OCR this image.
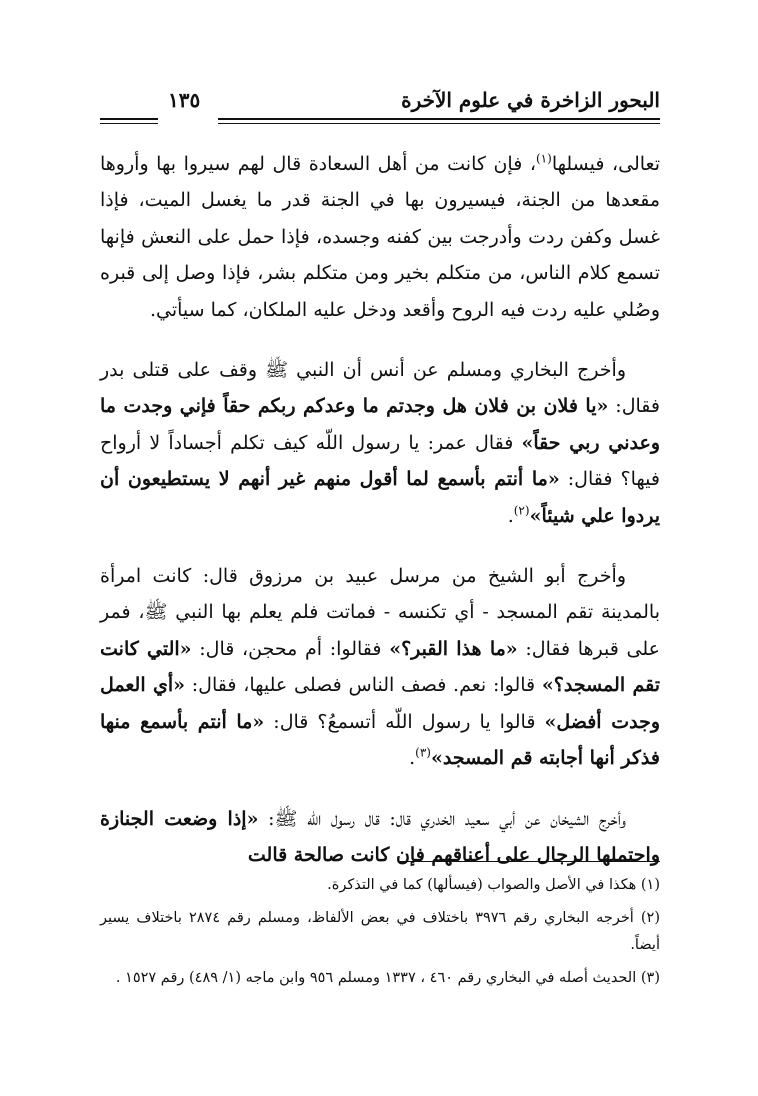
البحور الزاخرة في علوم الآخرة
١٣٥

تعالى، فيسلها$^{(١)}$، فإن كانت من أهل السعادة قال لهم سيروا بها وأروها مقعدها من الجنة، فيسيرون بها في الجنة قدر ما يغسل الميت، فإذا غسل وكفن ردت وأدرجت بين كفنه وجسده، فإذا حمل على النعش فإنها تسمع كلام الناس، من متكلم بخير ومن متكلم بشر، فإذا وصل إلى قبره وصُلي عليه ردت فيه الروح وأقعد ودخل عليه الملكان، كما سيأتي.

وأخرج البخاري ومسلم عن أنس أن النبي ﷺ وقف على قتلى بدر فقال: «يا فلان بن فلان هل وجدتم ما وعدكم ربكم حقاً فإني وجدت ما وعدني ربي حقاً» فقال عمر: يا رسول اللّه كيف تكلم أجساداً لا أرواح فيها؟ فقال: «ما أنتم بأسمع لما أقول منهم غير أنهم لا يستطيعون أن يردوا علي شيئاً»$^{(٢)}$.

وأخرج أبو الشيخ من مرسل عبيد بن مرزوق قال: كانت امرأة بالمدينة تقم المسجد - أي تكنسه - فماتت فلم يعلم بها النبي ﷺ، فمر على قبرها فقال: «ما هذا القبر؟» فقالوا: أم محجن، قال: «التي كانت تقم المسجد؟» قالوا: نعم. فصف الناس فصلى عليها، فقال: «أي العمل وجدت أفضل» قالوا يا رسول اللّه أتسمعُ؟ قال: «ما أنتم بأسمع منها فذكر أنها أجابته قم المسجد»$^{(٣)}$.

وأخرج الشيخان عن أبي سعيد الخدري قال: قال رسول اللّه ﷺ: «إذا وضعت الجنازة واحتملها الرجال على أعناقهم فإن كانت صالحة قالت

(١) هكذا في الأصل والصواب (فيسألها) كما في التذكرة.
(٢) أخرجه البخاري رقم ٣٩٧٦ باختلاف في بعض الألفاظ، ومسلم رقم ٢٨٧٤ باختلاف يسير أيضاً.
(٣) الحديث أصله في البخاري رقم ٤٦٠ ، ١٣٣٧ ومسلم ٩٥٦ وابن ماجه (١/ ٤٨٩) رقم ١٥٢٧ .
